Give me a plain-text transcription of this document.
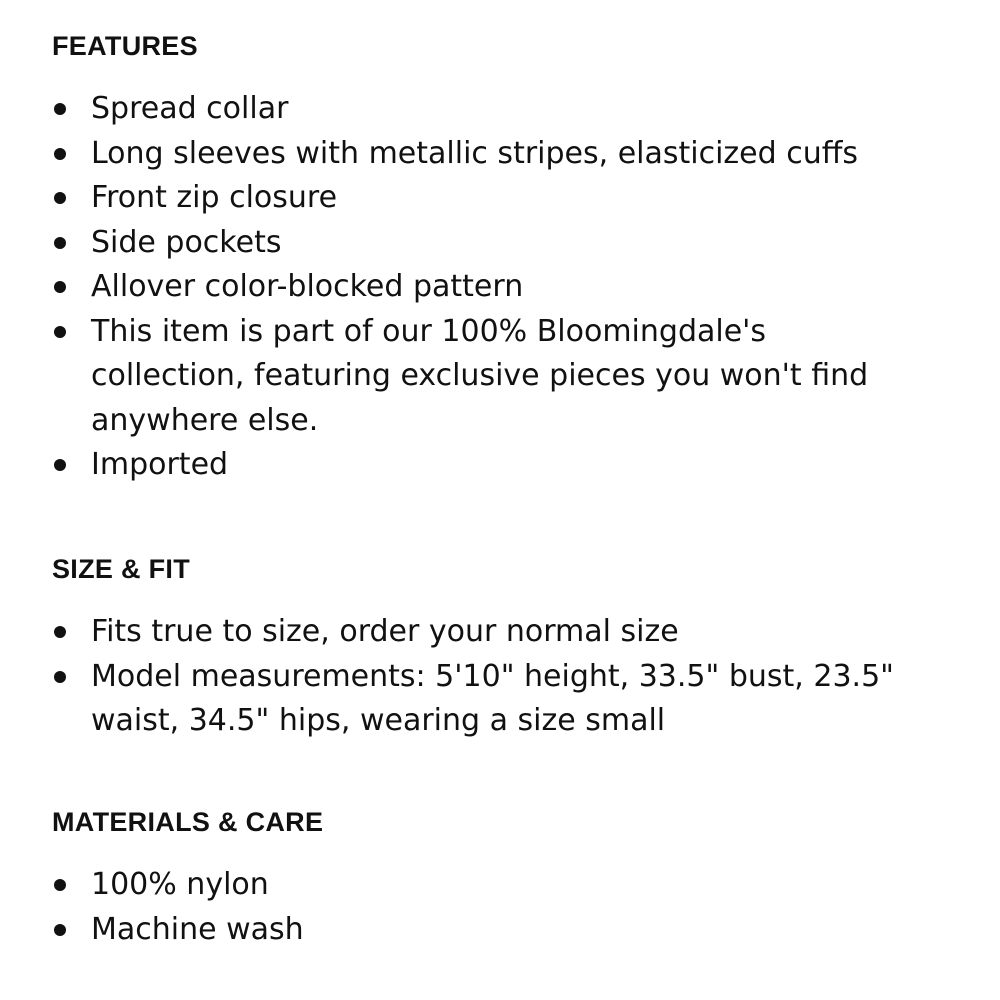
FEATURES
Spread collar
Long sleeves with metallic stripes, elasticized cuffs
Front zip closure
Side pockets
Allover color-blocked pattern
This item is part of our 100% Bloomingdale's
collection, featuring exclusive pieces you won't find
anywhere else.
Imported
SIZE & FIT
Fits true to size, order your normal size
Model measurements: 5'10" height, 33.5" bust, 23.5"
waist, 34.5" hips, wearing a size small
MATERIALS & CARE
100% nylon
Machine wash
